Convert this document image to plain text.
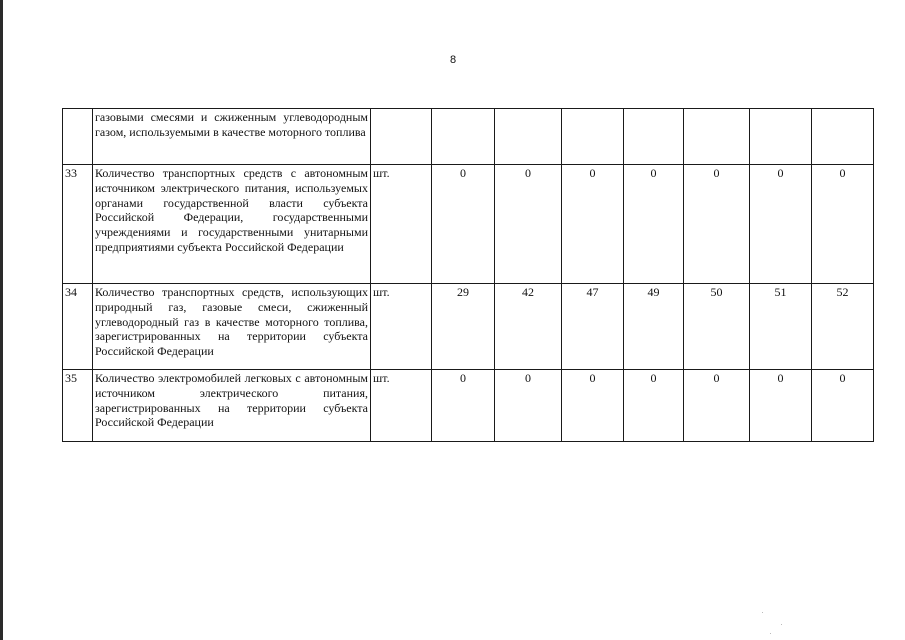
8
	газовыми смесями и сжиженным углеводородным газом, используемыми в качестве моторного топлива								
33	Количество транспортных средств с автономным источником электрического питания, используемых органами государственной власти субъекта Российской Федерации, государственными учреждениями и государственными унитарными предприятиями субъекта Российской Федерации	шт.	0	0	0	0	0	0	0
34	Количество транспортных средств, использующих природный газ, газовые смеси, сжиженный углеводородный газ в качестве моторного топлива, зарегистрированных на территории субъекта Российской Федерации	шт.	29	42	47	49	50	51	52
35	Количество электромобилей легковых с автономным источником электрического питания, зарегистрированных на территории субъекта Российской Федерации	шт.	0	0	0	0	0	0	0
